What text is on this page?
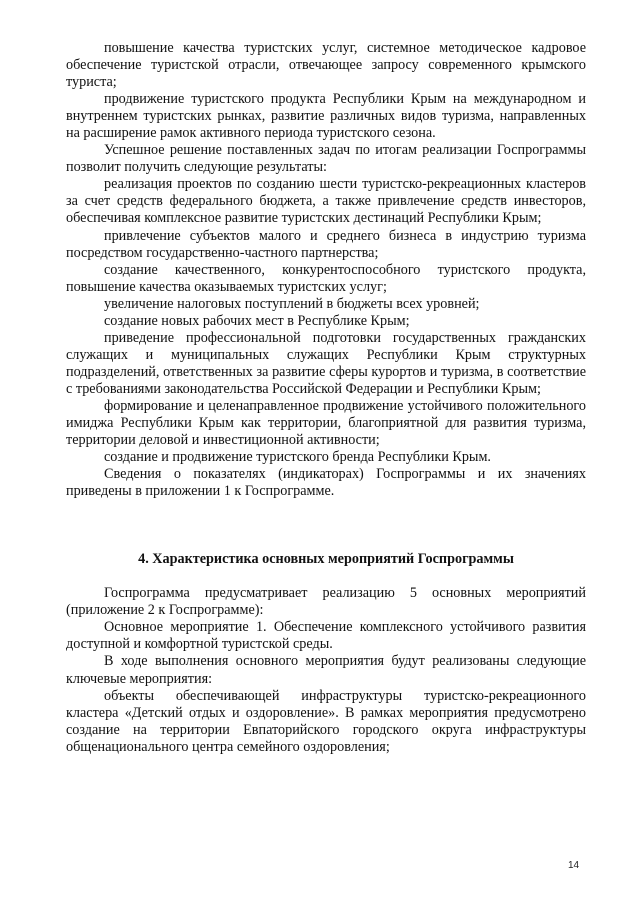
повышение качества туристских услуг, системное методическое кадровое обеспечение туристской отрасли, отвечающее запросу современного крымского туриста;

продвижение туристского продукта Республики Крым на международном и внутреннем туристских рынках, развитие различных видов туризма, направленных на расширение рамок активного периода туристского сезона.

Успешное решение поставленных задач по итогам реализации Госпрограммы позволит получить следующие результаты:

реализация проектов по созданию шести туристско-рекреационных кластеров за счет средств федерального бюджета, а также привлечение средств инвесторов, обеспечивая комплексное развитие туристских дестинаций Республики Крым;

привлечение субъектов малого и среднего бизнеса в индустрию туризма посредством государственно-частного партнерства;

создание качественного, конкурентоспособного туристского продукта, повышение качества оказываемых туристских услуг;

увеличение налоговых поступлений в бюджеты всех уровней;

создание новых рабочих мест в Республике Крым;

приведение профессиональной подготовки государственных гражданских служащих и муниципальных служащих Республики Крым структурных подразделений, ответственных за развитие сферы курортов и туризма, в соответствие с требованиями законодательства Российской Федерации и Республики Крым;

формирование и целенаправленное продвижение устойчивого положительного имиджа Республики Крым как территории, благоприятной для развития туризма, территории деловой и инвестиционной активности;

создание и продвижение туристского бренда Республики Крым.

Сведения о показателях (индикаторах) Госпрограммы и их значениях приведены в приложении 1 к Госпрограмме.

4. Характеристика основных мероприятий Госпрограммы

Госпрограмма предусматривает реализацию 5 основных мероприятий (приложение 2 к Госпрограмме):

Основное мероприятие 1. Обеспечение комплексного устойчивого развития доступной и комфортной туристской среды.

В ходе выполнения основного мероприятия будут реализованы следующие ключевые мероприятия:

объекты обеспечивающей инфраструктуры туристско-рекреационного кластера «Детский отдых и оздоровление». В рамках мероприятия предусмотрено создание на территории Евпаторийского городского округа инфраструктуры общенационального центра семейного оздоровления;

14
